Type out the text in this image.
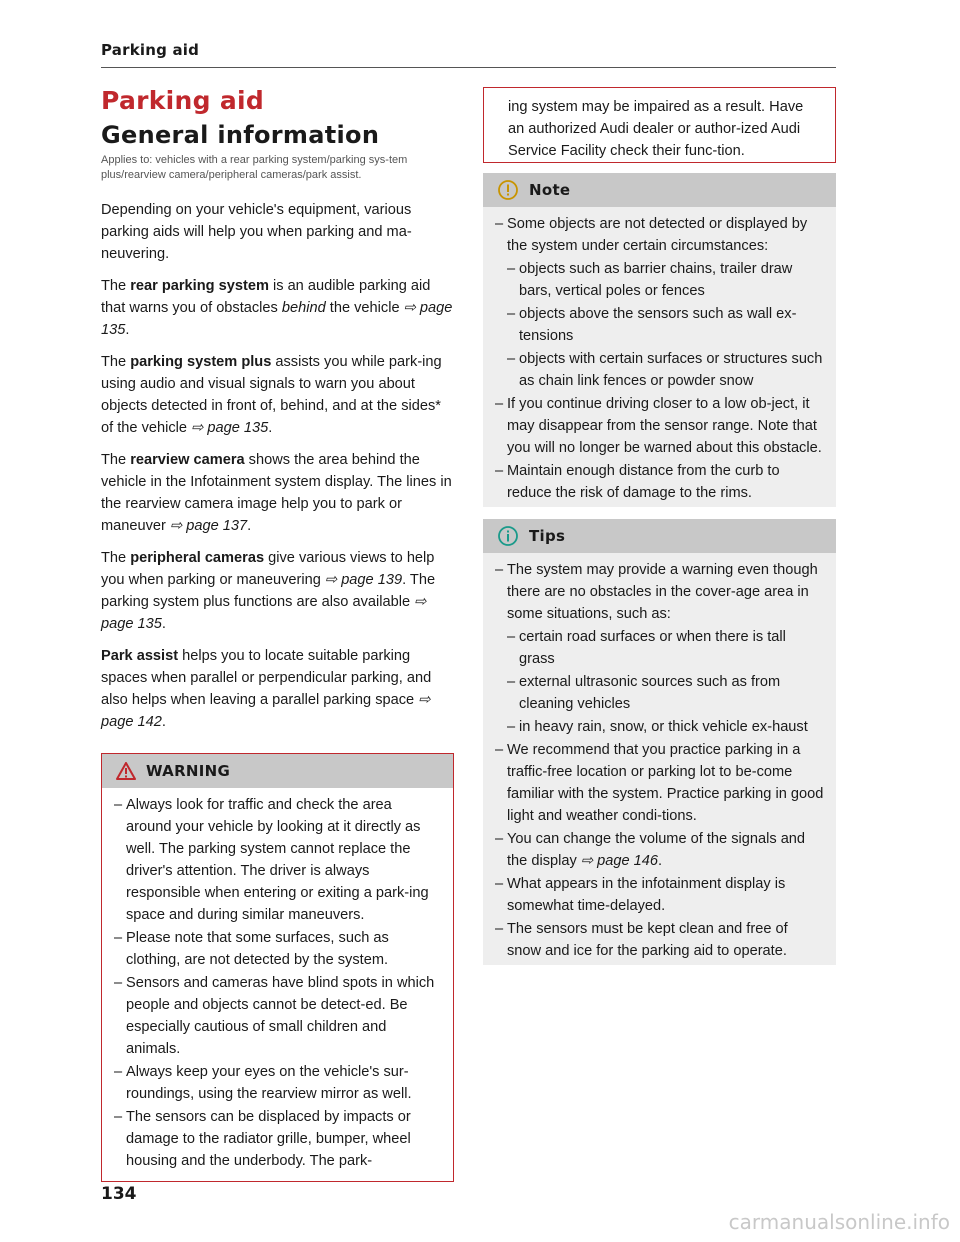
Parking aid
Parking aid
General information

Applies to: vehicles with a rear parking system/parking sys-tem plus/rearview camera/peripheral cameras/park assist.

Depending on your vehicle's equipment, various parking aids will help you when parking and ma-neuvering.

The rear parking system is an audible parking aid that warns you of obstacles behind the vehicle ⇨ page 135.

The parking system plus assists you while park-ing using audio and visual signals to warn you about objects detected in front of, behind, and at the sides* of the vehicle ⇨ page 135.

The rearview camera shows the area behind the vehicle in the Infotainment system display. The lines in the rearview camera image help you to park or maneuver ⇨ page 137.

The peripheral cameras give various views to help you when parking or maneuvering ⇨ page 139. The parking system plus functions are also available ⇨ page 135.

Park assist helps you to locate suitable parking spaces when parallel or perpendicular parking, and also helps when leaving a parallel parking space ⇨ page 142.

WARNING
– Always look for traffic and check the area around your vehicle by looking at it directly as well. The parking system cannot replace the driver's attention. The driver is always responsible when entering or exiting a park-ing space and during similar maneuvers.
– Please note that some surfaces, such as clothing, are not detected by the system.
– Sensors and cameras have blind spots in which people and objects cannot be detect-ed. Be especially cautious of small children and animals.
– Always keep your eyes on the vehicle's sur-roundings, using the rearview mirror as well.
– The sensors can be displaced by impacts or damage to the radiator grille, bumper, wheel housing and the underbody. The park-
ing system may be impaired as a result. Have an authorized Audi dealer or author-ized Audi Service Facility check their func-tion.
Note
– Some objects are not detected or displayed by the system under certain circumstances:
– objects such as barrier chains, trailer draw bars, vertical poles or fences
– objects above the sensors such as wall ex-tensions
– objects with certain surfaces or structures such as chain link fences or powder snow
– If you continue driving closer to a low ob-ject, it may disappear from the sensor range. Note that you will no longer be warned about this obstacle.
– Maintain enough distance from the curb to reduce the risk of damage to the rims.
Tips
– The system may provide a warning even though there are no obstacles in the cover-age area in some situations, such as:
– certain road surfaces or when there is tall grass
– external ultrasonic sources such as from cleaning vehicles
– in heavy rain, snow, or thick vehicle ex-haust
– We recommend that you practice parking in a traffic-free location or parking lot to be-come familiar with the system. Practice parking in good light and weather condi-tions.
– You can change the volume of the signals and the display ⇨ page 146.
– What appears in the infotainment display is somewhat time-delayed.
– The sensors must be kept clean and free of snow and ice for the parking aid to operate.
134
carmanualsonline.info
